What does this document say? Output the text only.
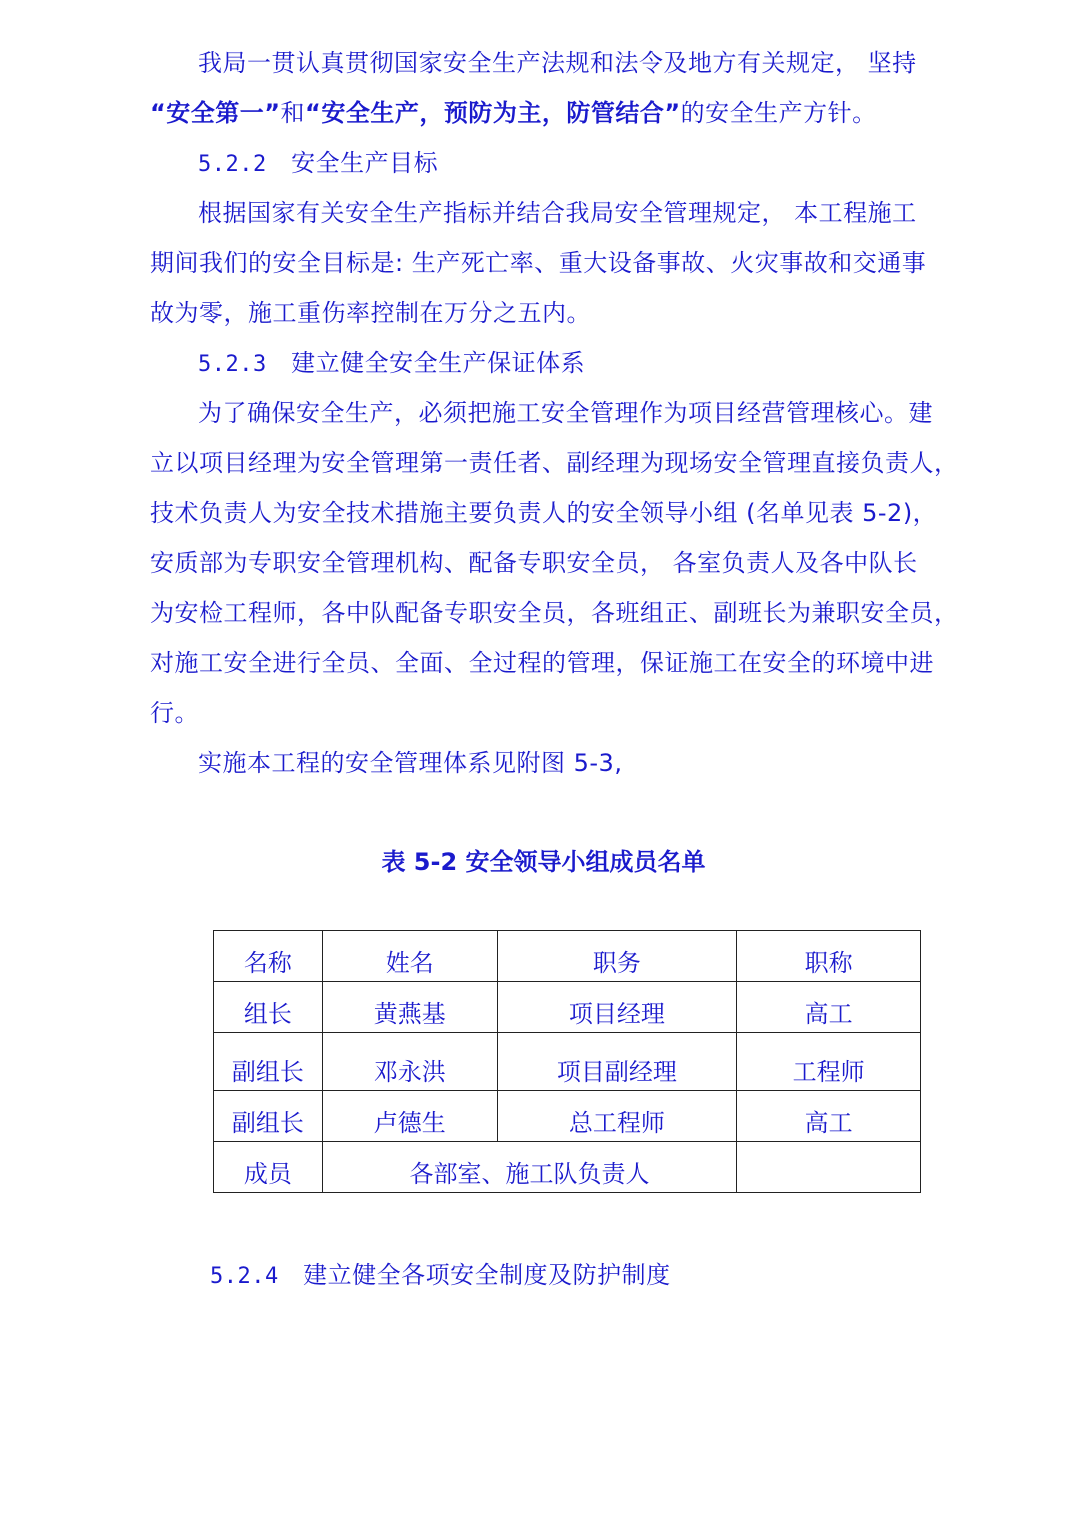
我局一贯认真贯彻国家安全生产法规和法令及地方有关规定， 坚持
“安全第一”和“安全生产，预防为主，防管结合”的安全生产方针。
5.2.2 安全生产目标
根据国家有关安全生产指标并结合我局安全管理规定， 本工程施工
期间我们的安全目标是: 生产死亡率、重大设备事故、火灾事故和交通事
故为零，施工重伤率控制在万分之五内。
5.2.3 建立健全安全生产保证体系
为了确保安全生产，必须把施工安全管理作为项目经营管理核心。建
立以项目经理为安全管理第一责任者、副经理为现场安全管理直接负责人，
技术负责人为安全技术措施主要负责人的安全领导小组 (名单见表 5-2)，
安质部为专职安全管理机构、配备专职安全员， 各室负责人及各中队长
为安检工程师，各中队配备专职安全员，各班组正、副班长为兼职安全员，
对施工安全进行全员、全面、全过程的管理，保证施工在安全的环境中进
行。
实施本工程的安全管理体系见附图 5-3,
表 5-2 安全领导小组成员名单
名称	姓名	职务	职称
组长	黄燕基	项目经理	高工
副组长	邓永洪	项目副经理	工程师
副组长	卢德生	总工程师	高工
成员	各部室、施工队负责人		
5.2.4 建立健全各项安全制度及防护制度
